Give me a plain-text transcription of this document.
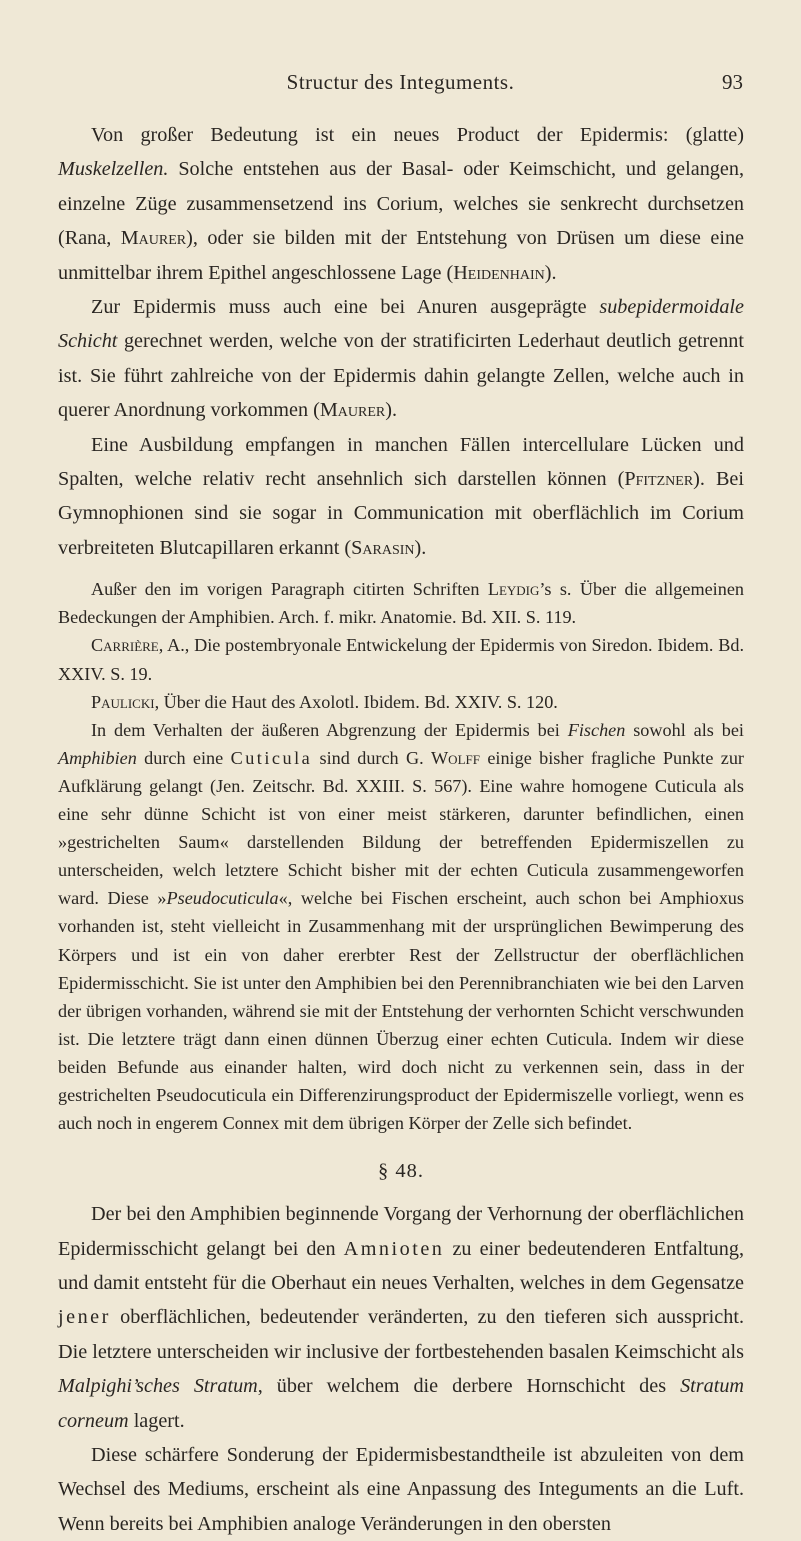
Structur des Integuments.	93

Von großer Bedeutung ist ein neues Product der Epidermis: (glatte) Muskelzellen. Solche entstehen aus der Basal- oder Keimschicht, und gelangen, einzelne Züge zusammensetzend ins Corium, welches sie senkrecht durchsetzen (Rana, Maurer), oder sie bilden mit der Entstehung von Drüsen um diese eine unmittelbar ihrem Epithel angeschlossene Lage (Heidenhain).

Zur Epidermis muss auch eine bei Anuren ausgeprägte subepidermoidale Schicht gerechnet werden, welche von der stratificirten Lederhaut deutlich getrennt ist. Sie führt zahlreiche von der Epidermis dahin gelangte Zellen, welche auch in querer Anordnung vorkommen (Maurer).

Eine Ausbildung empfangen in manchen Fällen intercellulare Lücken und Spalten, welche relativ recht ansehnlich sich darstellen können (Pfitzner). Bei Gymnophionen sind sie sogar in Communication mit oberflächlich im Corium verbreiteten Blutcapillaren erkannt (Sarasin).

Außer den im vorigen Paragraph citirten Schriften Leydig’s s. Über die allgemeinen Bedeckungen der Amphibien. Arch. f. mikr. Anatomie. Bd. XII. S. 119.

Carrière, A., Die postembryonale Entwickelung der Epidermis von Siredon. Ibidem. Bd. XXIV. S. 19.

Paulicki, Über die Haut des Axolotl. Ibidem. Bd. XXIV. S. 120.

In dem Verhalten der äußeren Abgrenzung der Epidermis bei Fischen sowohl als bei Amphibien durch eine Cuticula sind durch G. Wolff einige bisher fragliche Punkte zur Aufklärung gelangt (Jen. Zeitschr. Bd. XXIII. S. 567). Eine wahre homogene Cuticula als eine sehr dünne Schicht ist von einer meist stärkeren, darunter befindlichen, einen »gestrichelten Saum« darstellenden Bildung der betreffenden Epidermiszellen zu unterscheiden, welch letztere Schicht bisher mit der echten Cuticula zusammengeworfen ward. Diese »Pseudocuticula«, welche bei Fischen erscheint, auch schon bei Amphioxus vorhanden ist, steht vielleicht in Zusammenhang mit der ursprünglichen Bewimperung des Körpers und ist ein von daher ererbter Rest der Zellstructur der oberflächlichen Epidermisschicht. Sie ist unter den Amphibien bei den Perennibranchiaten wie bei den Larven der übrigen vorhanden, während sie mit der Entstehung der verhornten Schicht verschwunden ist. Die letztere trägt dann einen dünnen Überzug einer echten Cuticula. Indem wir diese beiden Befunde aus einander halten, wird doch nicht zu verkennen sein, dass in der gestrichelten Pseudocuticula ein Differenzirungsproduct der Epidermiszelle vorliegt, wenn es auch noch in engerem Connex mit dem übrigen Körper der Zelle sich befindet.

§ 48.

Der bei den Amphibien beginnende Vorgang der Verhornung der oberflächlichen Epidermisschicht gelangt bei den Amnioten zu einer bedeutenderen Entfaltung, und damit entsteht für die Oberhaut ein neues Verhalten, welches in dem Gegensatze jener oberflächlichen, bedeutender veränderten, zu den tieferen sich ausspricht. Die letztere unterscheiden wir inclusive der fortbestehenden basalen Keimschicht als Malpighi’sches Stratum, über welchem die derbere Hornschicht des Stratum corneum lagert.

Diese schärfere Sonderung der Epidermisbestandtheile ist abzuleiten von dem Wechsel des Mediums, erscheint als eine Anpassung des Integuments an die Luft. Wenn bereits bei Amphibien analoge Veränderungen in den obersten
